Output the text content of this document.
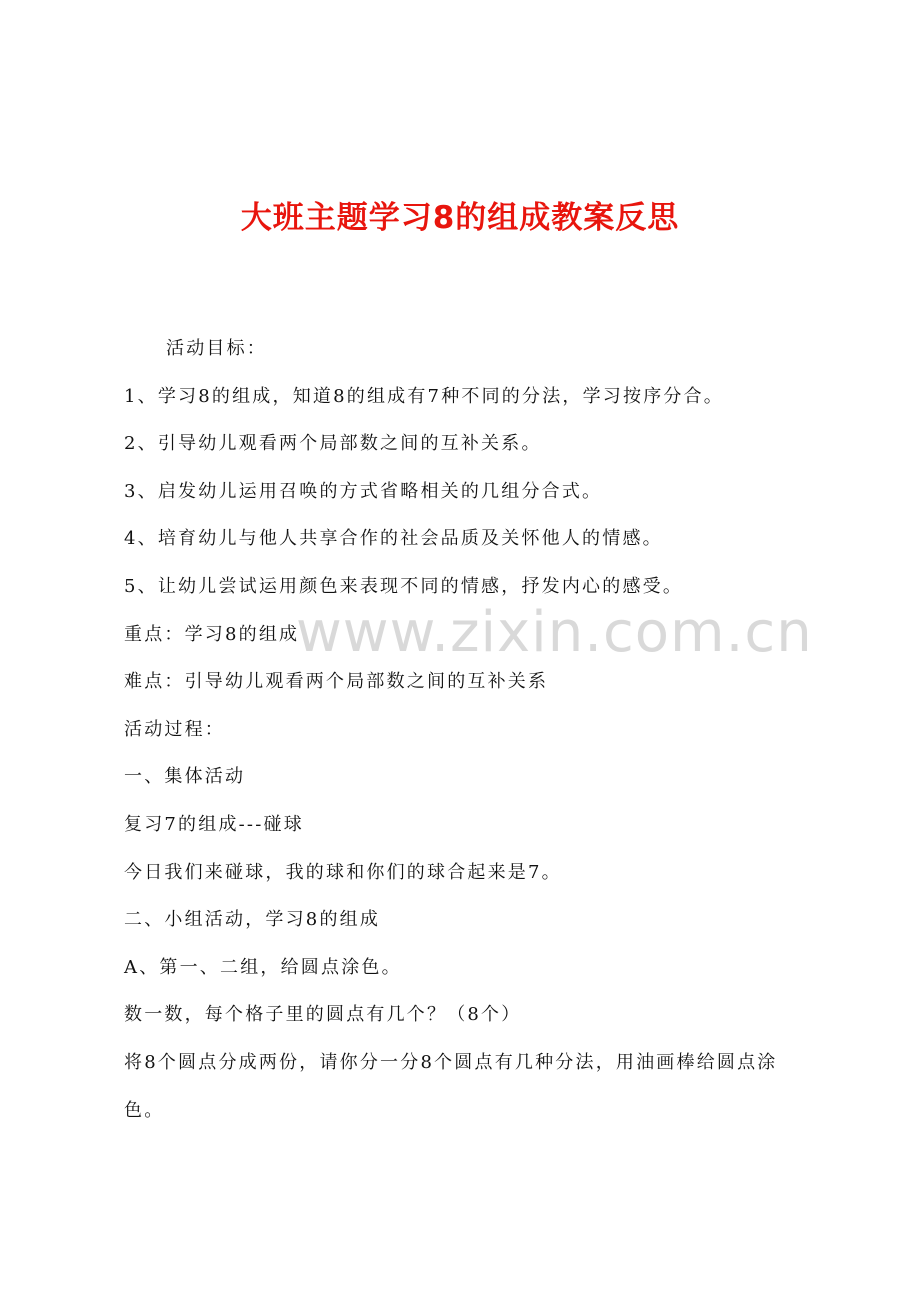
大班主题学习8的组成教案反思
www.zixin.com.cn

活动目标：

1、学习8的组成，知道8的组成有7种不同的分法，学习按序分合。

2、引导幼儿观看两个局部数之间的互补关系。

3、启发幼儿运用召唤的方式省略相关的几组分合式。

4、培育幼儿与他人共享合作的社会品质及关怀他人的情感。

5、让幼儿尝试运用颜色来表现不同的情感，抒发内心的感受。

重点：学习8的组成

难点：引导幼儿观看两个局部数之间的互补关系

活动过程：

一、集体活动

复习7的组成---碰球

今日我们来碰球，我的球和你们的球合起来是7。

二、小组活动，学习8的组成

A、第一、二组，给圆点涂色。

数一数，每个格子里的圆点有几个？（8个）

将8个圆点分成两份，请你分一分8个圆点有几种分法，用油画棒给圆点涂色。
